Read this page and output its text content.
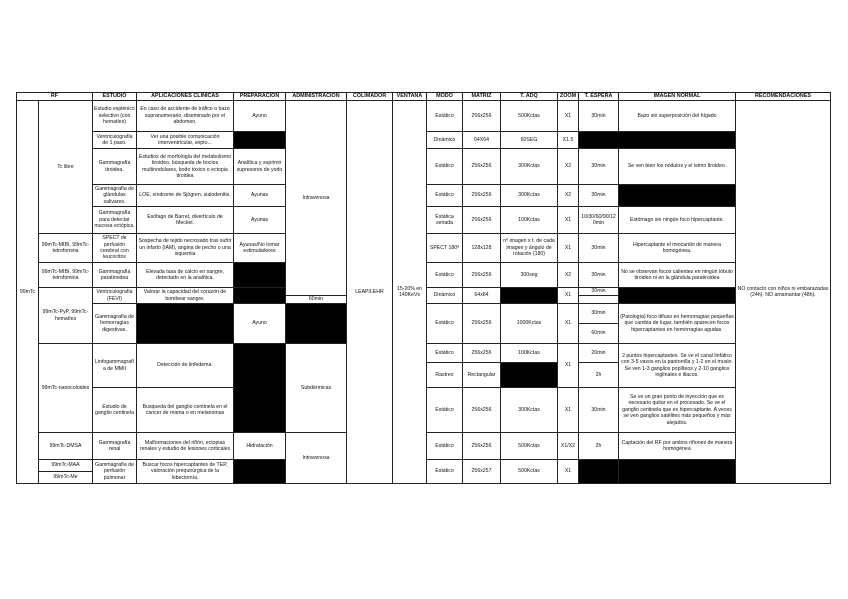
RF		ESTUDIO	APLICACIONES CLÍNICAS	PREPARACIÓN	ADMINISTRACIÓN	COLIMADOR	VENTANA	MODO	MATRIZ	T. ADQ	ZOOM	T. ESPERA	IMAGEN NORMAL	RECOMENDACIONES
99mTc	Tc libre	Estudio esplénico selectivo (con hematíes)	En caso de accidente de tráfico o bazo supranumerario, diseminado por el abdomen.	Ayuno	Intravenosa	LEAP/LEHR	15-20% en 140KeVs	Estático	256x256	500Kctas	X1	30min	Bazo sin superposición del hígado	NO contacto con niños ni embarazadas (24h). NO amamantar (48h).
		Ventriculografía de 1 paso.	Ver una posible comunicación interventricular, septo...					Dinámico	64X64	60SEG	X1.5			
		Gammagrafía tiroidea.	Estudios de morfología del metabolismo tiroideo, búsqueda de bocios multinodulares, bodo tóxico o ectopia tiroidea	Analítica y suprimir supresores de yodo				Estático	256x256	300Kctas	X2	30min	Se ven bien los nódulos y el istmo tiroideo.	
		Gammagrafía de glándulas salivares.	LOE, síndrome de Sjögren, sialodenitis.	Ayunas				Estático	256x256	300Kctas	X2	30min		
		Gammagrafía para detectar mucosa ectópica.	Esófago de Barret, divertículo de Meckel.	Ayunas				Estática seriada	256x256	100Kctas	X1	10/30/60/90/120min	Estómago sin ningún foco hipercaptante.	
	99mTc-MIBI, 99mTc-tetrofomina	SPECT de perfusión cerebral con leucocitos	Sospecha de tejido necrosado tras sufrir un infarto (IAM), angina de pecho o una isquemia	Ayunas/No tomar estimuladores				SPECT 180º	128x128	nº imagen x t. de cada imagen y ángulo de rotación (180)	X1	30min	Hipercaptante el miocardio de manera homogénea.	
	99mTc-MIBI, 99mTc-tetrofomina	Gammagrafía paratiroidea	Elevada tasa de calcio en sangre, detectado en la analítica.					Estático	256x256	300seg	X2	30min	No se observan focos calientes en ningún lóbulo tiroideo ni en la glándula paratiroidea	
	99mTc-PyP, 99mTc-hematíes	Ventriculografía (FEVI)	Valorar la capacidad del corazón de bombear sangre.					Dinámico	64x64		X1	30min		
					60min									
		Gammagrafía de hemorragias digestivas.		Ayuno				Estático	256x256	1000Kctas	X1	30min	(Patología) foco difuso en hemorragias pequeñas que cambia de lugar, también aparecen focos hipercaptantes en hemorragias agudas.	
												60min		
	99mTc-nanocoloides	Linfogammagrafía de MMII	Detección de linfedema.		Subdérmicas			Estático	256x256	100Kctas	X1	20min	2 puntos hipercaptantes. Se ve el canal linfático con 3-5 vasos en la pantorrilla y 1-2 en el muslo. Se ven 1-3 ganglios poplíteos y 2-10 ganglios inglinales e iliacos.	
								Rastreo	Rectangular			2h		
		Estudio de ganglio centinela	Busqueda del ganglio centinela en el cancer de mama o en melanomas					Estático	256x256	300Kctas	X1	30min	Se ve un gran punto de inyección que es necesario quitar en el procesado. Se ve el ganglio centinela que es hipercaptante. A veces se ven ganglios satélites más pequeños y más alejados.	

	99mTc-DMSA	Gammagrafía renal	Malformaciones del riñón, ectopias renales y estudio de lesiones corticales	Hidratación	Intravenosa			Estático	256x256	500Kctas	X1/X2	2h	Captación del RF por ambos riñones de manera homogénea	
	99mTc-MAA	Gammagrafía de perfusión pulmonar	Buscar focos hipercaptantes de TEP, valoración prequirúrgica de la lobectomía.					Estático	256x257	500Kctas	X1			
	99mTc-Me													
